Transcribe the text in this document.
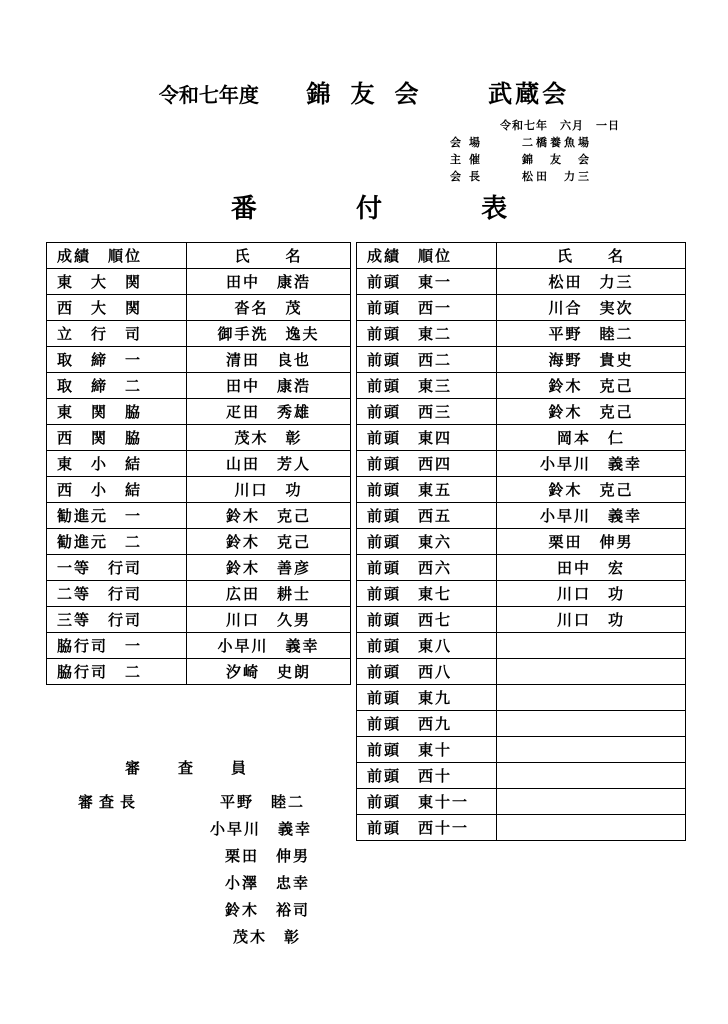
令和七年度 錦友会 武蔵会
令和七年　六月　一日
会場	二橋養魚場
主催	錦　友　会
会長	松田　力三
番	付	表
成績　順位	氏　　名
東　大　関	田中　康浩
西　大　関	沓名　茂
立　行　司	御手洗　逸夫
取　締　一	清田　良也
取　締　二	田中　康浩
東　関　脇	疋田　秀雄
西　関　脇	茂木　彰
東　小　結	山田　芳人
西　小　結	川口　功
勧進元　一	鈴木　克己
勧進元　二	鈴木　克己
一等　行司	鈴木　善彦
二等　行司	広田　耕士
三等　行司	川口　久男
脇行司　一	小早川　義幸
脇行司　二	汐崎　史朗
成績　順位	氏　　名
前頭　東一	松田　力三
前頭　西一	川合　実次
前頭　東二	平野　睦二
前頭　西二	海野　貴史
前頭　東三	鈴木　克己
前頭　西三	鈴木　克己
前頭　東四	岡本　仁
前頭　西四	小早川　義幸
前頭　東五	鈴木　克己
前頭　西五	小早川　義幸
前頭　東六	栗田　伸男
前頭　西六	田中　宏
前頭　東七	川口　功
前頭　西七	川口　功
前頭　東八	
前頭　西八	
前頭　東九	
前頭　西九	
前頭　東十	
前頭　西十	
前頭　東十一	
前頭　西十一	
審査員
審査長	平野　睦二
小早川　義幸
栗田　伸男
小澤　忠幸
鈴木　裕司
茂木　彰
